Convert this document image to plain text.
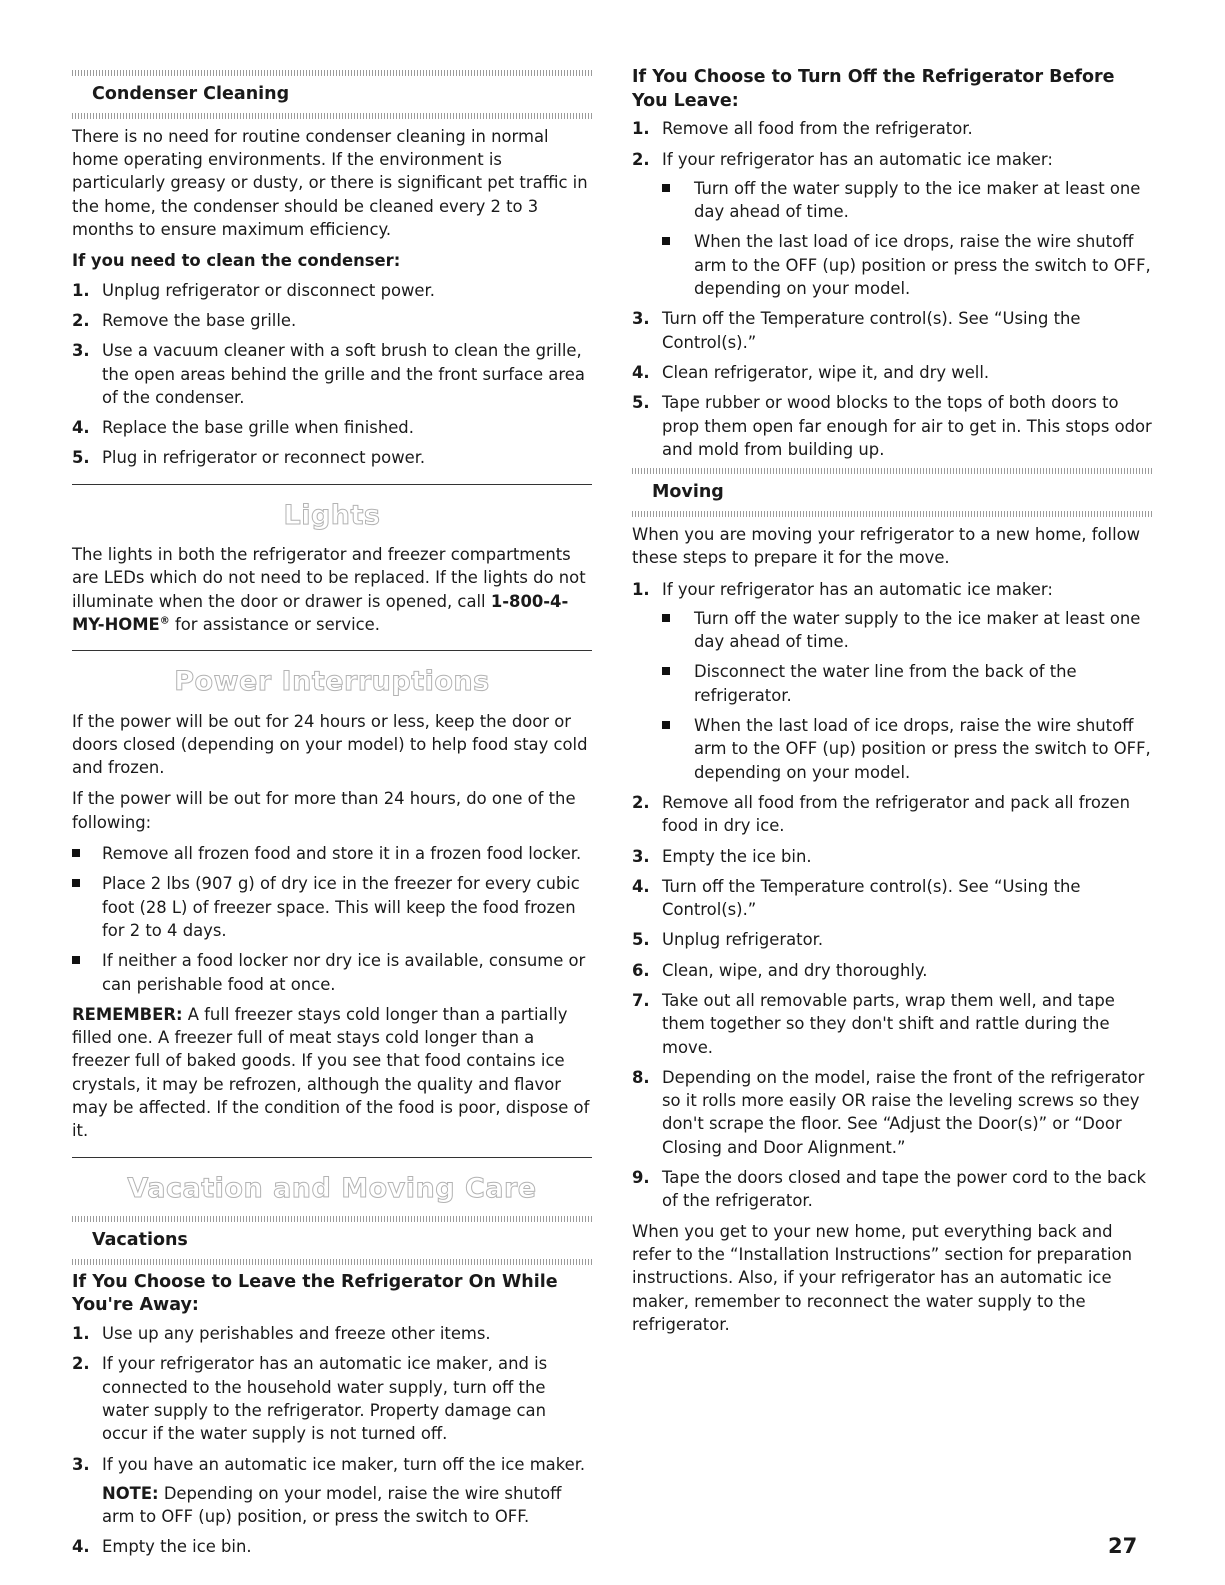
Condenser Cleaning

There is no need for routine condenser cleaning in normal home operating environments. If the environment is particularly greasy or dusty, or there is significant pet traffic in the home, the condenser should be cleaned every 2 to 3 months to ensure maximum efficiency.

If you need to clean the condenser:
1. Unplug refrigerator or disconnect power.
2. Remove the base grille.
3. Use a vacuum cleaner with a soft brush to clean the grille, the open areas behind the grille and the front surface area of the condenser.
4. Replace the base grille when finished.
5. Plug in refrigerator or reconnect power.
Lights

The lights in both the refrigerator and freezer compartments are LEDs which do not need to be replaced. If the lights do not illuminate when the door or drawer is opened, call 1-800-4-MY-HOME® for assistance or service.

Power Interruptions

If the power will be out for 24 hours or less, keep the door or doors closed (depending on your model) to help food stay cold and frozen.

If the power will be out for more than 24 hours, do one of the following:

Remove all frozen food and store it in a frozen food locker.
Place 2 lbs (907 g) of dry ice in the freezer for every cubic foot (28 L) of freezer space. This will keep the food frozen for 2 to 4 days.
If neither a food locker nor dry ice is available, consume or can perishable food at once.

REMEMBER: A full freezer stays cold longer than a partially filled one. A freezer full of meat stays cold longer than a freezer full of baked goods. If you see that food contains ice crystals, it may be refrozen, although the quality and flavor may be affected. If the condition of the food is poor, dispose of it.

Vacation and Moving Care
Vacations
If You Choose to Leave the Refrigerator On While You're Away:
1. Use up any perishables and freeze other items.
2. If your refrigerator has an automatic ice maker, and is connected to the household water supply, turn off the water supply to the refrigerator. Property damage can occur if the water supply is not turned off.
3. If you have an automatic ice maker, turn off the ice maker.
NOTE: Depending on your model, raise the wire shutoff arm to OFF (up) position, or press the switch to OFF.
4. Empty the ice bin.
If You Choose to Turn Off the Refrigerator Before You Leave:
1. Remove all food from the refrigerator.
2. If your refrigerator has an automatic ice maker:
Turn off the water supply to the ice maker at least one day ahead of time.
When the last load of ice drops, raise the wire shutoff arm to the OFF (up) position or press the switch to OFF, depending on your model.
3. Turn off the Temperature control(s). See “Using the Control(s).”
4. Clean refrigerator, wipe it, and dry well.
5. Tape rubber or wood blocks to the tops of both doors to prop them open far enough for air to get in. This stops odor and mold from building up.
Moving

When you are moving your refrigerator to a new home, follow these steps to prepare it for the move.

1. If your refrigerator has an automatic ice maker:
Turn off the water supply to the ice maker at least one day ahead of time.
Disconnect the water line from the back of the refrigerator.
When the last load of ice drops, raise the wire shutoff arm to the OFF (up) position or press the switch to OFF, depending on your model.
2. Remove all food from the refrigerator and pack all frozen food in dry ice.
3. Empty the ice bin.
4. Turn off the Temperature control(s). See “Using the Control(s).”
5. Unplug refrigerator.
6. Clean, wipe, and dry thoroughly.
7. Take out all removable parts, wrap them well, and tape them together so they don't shift and rattle during the move.
8. Depending on the model, raise the front of the refrigerator so it rolls more easily OR raise the leveling screws so they don't scrape the floor. See “Adjust the Door(s)” or “Door Closing and Door Alignment.”
9. Tape the doors closed and tape the power cord to the back of the refrigerator.

When you get to your new home, put everything back and refer to the “Installation Instructions” section for preparation instructions. Also, if your refrigerator has an automatic ice maker, remember to reconnect the water supply to the refrigerator.

27
